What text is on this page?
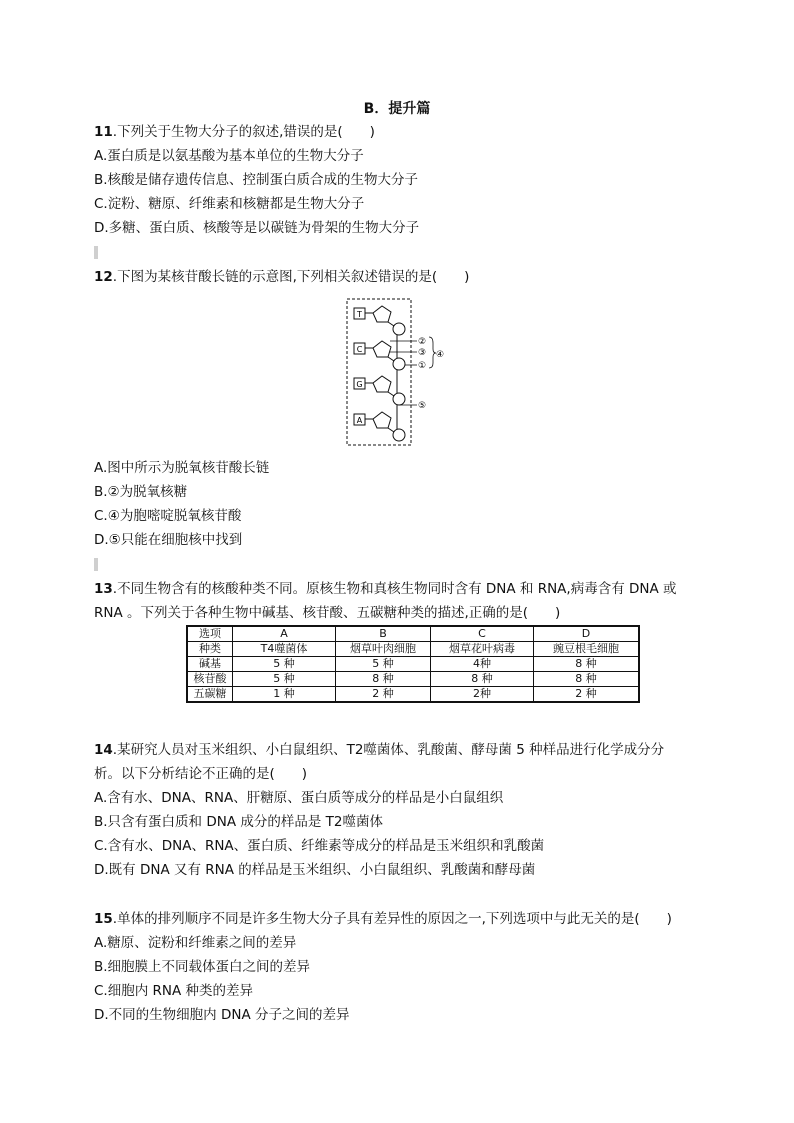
B．提升篇

11.下列关于生物大分子的叙述,错误的是(　　)

A.蛋白质是以氨基酸为基本单位的生物大分子

B.核酸是储存遗传信息、控制蛋白质合成的生物大分子

C.淀粉、糖原、纤维素和核糖都是生物大分子

D.多糖、蛋白质、核酸等是以碳链为骨架的生物大分子

12.下图为某核苷酸长链的示意图,下列相关叙述错误的是(　　)

T
C
G
A
②
③ ④
①
⑤

A.图中所示为脱氧核苷酸长链

B.②为脱氧核糖

C.④为胞嘧啶脱氧核苷酸

D.⑤只能在细胞核中找到

13.不同生物含有的核酸种类不同。原核生物和真核生物同时含有 DNA 和 RNA,病毒含有 DNA 或

RNA 。下列关于各种生物中碱基、核苷酸、五碳糖种类的描述,正确的是(　　)

选项	A	B	C	D
种类	T4噬菌体	烟草叶肉细胞	烟草花叶病毒	豌豆根毛细胞
碱基	5 种	5 种	4种	8 种
核苷酸	5 种	8 种	8 种	8 种
五碳糖	1 种	2 种	2种	2 种

14.某研究人员对玉米组织、小白鼠组织、T2噬菌体、乳酸菌、酵母菌 5 种样品进行化学成分分

析。以下分析结论不正确的是(　　)

A.含有水、DNA、RNA、肝糖原、蛋白质等成分的样品是小白鼠组织

B.只含有蛋白质和 DNA 成分的样品是 T2噬菌体

C.含有水、DNA、RNA、蛋白质、纤维素等成分的样品是玉米组织和乳酸菌

D.既有 DNA 又有 RNA 的样品是玉米组织、小白鼠组织、乳酸菌和酵母菌

15.单体的排列顺序不同是许多生物大分子具有差异性的原因之一,下列选项中与此无关的是(　　)

A.糖原、淀粉和纤维素之间的差异

B.细胞膜上不同载体蛋白之间的差异

C.细胞内 RNA 种类的差异

D.不同的生物细胞内 DNA 分子之间的差异
